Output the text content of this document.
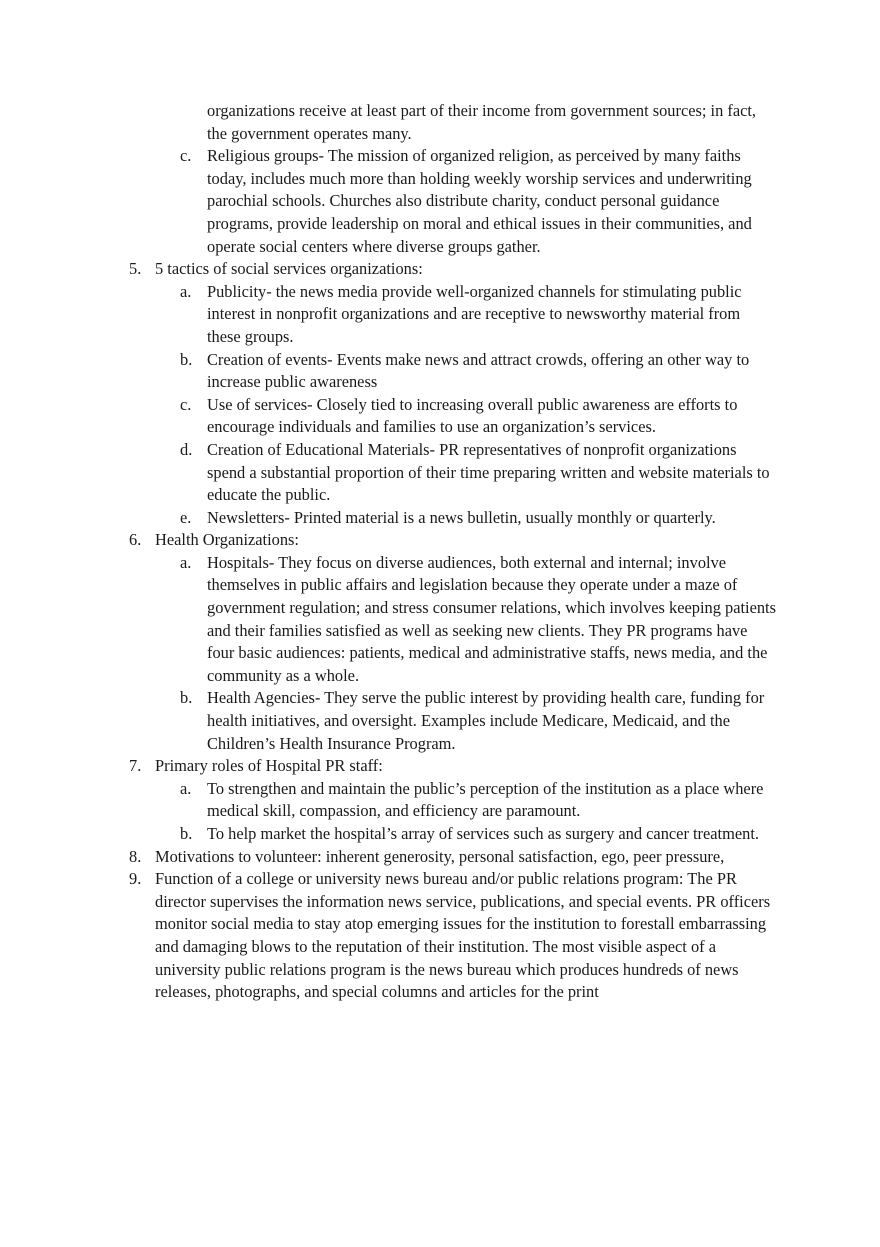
organizations receive at least part of their income from government sources; in fact, the government operates many.

c. Religious groups- The mission of organized religion, as perceived by many faiths today, includes much more than holding weekly worship services and underwriting parochial schools. Churches also distribute charity, conduct personal guidance programs, provide leadership on moral and ethical issues in their communities, and operate social centers where diverse groups gather.
5. 5 tactics of social services organizations:
a. Publicity- the news media provide well-organized channels for stimulating public interest in nonprofit organizations and are receptive to newsworthy material from these groups.
b. Creation of events- Events make news and attract crowds, offering an other way to increase public awareness
c. Use of services- Closely tied to increasing overall public awareness are efforts to encourage individuals and families to use an organization’s services.
d. Creation of Educational Materials- PR representatives of nonprofit organizations spend a substantial proportion of their time preparing written and website materials to educate the public.
e. Newsletters- Printed material is a news bulletin, usually monthly or quarterly.
6. Health Organizations:
a. Hospitals- They focus on diverse audiences, both external and internal; involve themselves in public affairs and legislation because they operate under a maze of government regulation; and stress consumer relations, which involves keeping patients and their families satisfied as well as seeking new clients. They PR programs have four basic audiences: patients, medical and administrative staffs, news media, and the community as a whole.
b. Health Agencies- They serve the public interest by providing health care, funding for health initiatives, and oversight. Examples include Medicare, Medicaid, and the Children’s Health Insurance Program.
7. Primary roles of Hospital PR staff:
a. To strengthen and maintain the public’s perception of the institution as a place where medical skill, compassion, and efficiency are paramount.
b. To help market the hospital’s array of services such as surgery and cancer treatment.
8. Motivations to volunteer: inherent generosity, personal satisfaction, ego, peer pressure,
9. Function of a college or university news bureau and/or public relations program: The PR director supervises the information news service, publications, and special events. PR officers monitor social media to stay atop emerging issues for the institution to forestall embarrassing and damaging blows to the reputation of their institution. The most visible aspect of a university public relations program is the news bureau which produces hundreds of news releases, photographs, and special columns and articles for the print
